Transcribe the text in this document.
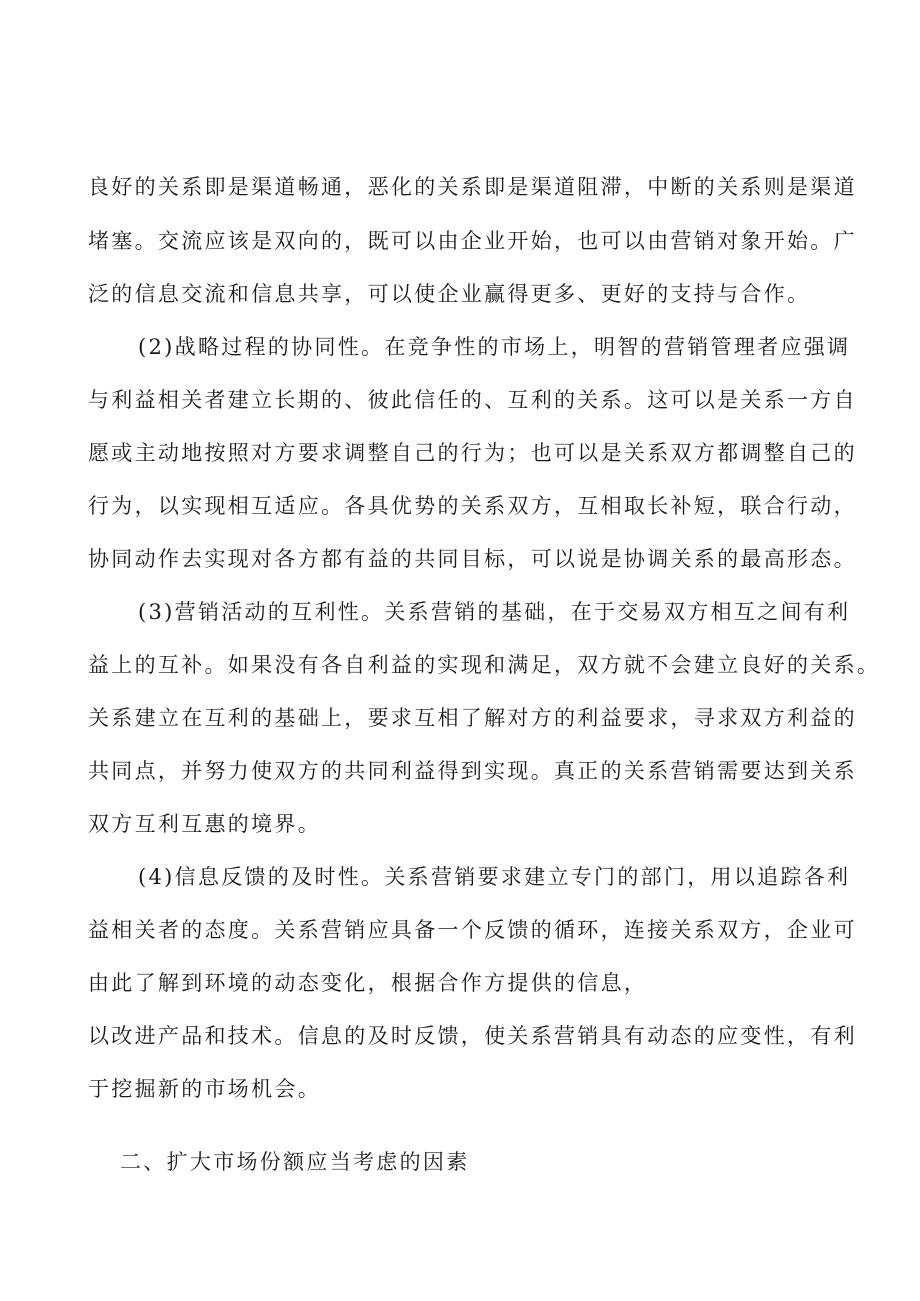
良好的关系即是渠道畅通，恶化的关系即是渠道阻滞，中断的关系则是渠道
堵塞。交流应该是双向的，既可以由企业开始，也可以由营销对象开始。广
泛的信息交流和信息共享，可以使企业赢得更多、更好的支持与合作。
(2)战略过程的协同性。在竞争性的市场上，明智的营销管理者应强调
与利益相关者建立长期的、彼此信任的、互利的关系。这可以是关系一方自
愿或主动地按照对方要求调整自己的行为；也可以是关系双方都调整自己的
行为，以实现相互适应。各具优势的关系双方，互相取长补短，联合行动，
协同动作去实现对各方都有益的共同目标，可以说是协调关系的最高形态。
(3)营销活动的互利性。关系营销的基础，在于交易双方相互之间有利
益上的互补。如果没有各自利益的实现和满足，双方就不会建立良好的关系。
关系建立在互利的基础上，要求互相了解对方的利益要求，寻求双方利益的
共同点，并努力使双方的共同利益得到实现。真正的关系营销需要达到关系
双方互利互惠的境界。
(4)信息反馈的及时性。关系营销要求建立专门的部门，用以追踪各利
益相关者的态度。关系营销应具备一个反馈的循环，连接关系双方，企业可
由此了解到环境的动态变化，根据合作方提供的信息，
以改进产品和技术。信息的及时反馈，使关系营销具有动态的应变性，有利
于挖掘新的市场机会。
二、扩大市场份额应当考虑的因素
